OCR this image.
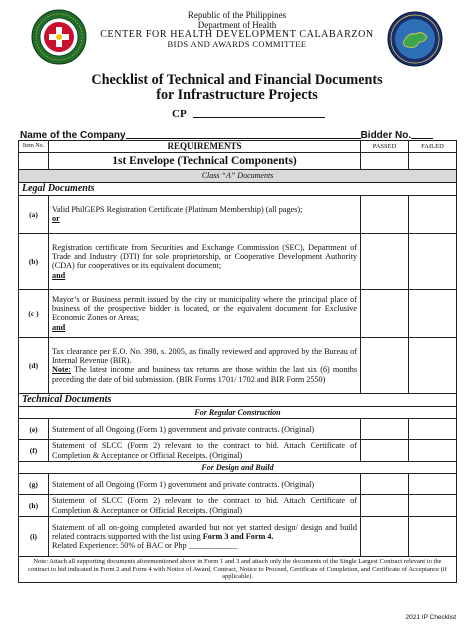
Republic of the Philippines
Department of Health
CENTER FOR HEALTH DEVELOPMENT CALABARZON
BIDS AND AWARDS COMMITTEE
Checklist of Technical and Financial Documents
for Infrastructure Projects
CP
Name of the Company	Bidder No.
Item No.	REQUIREMENTS	PASSED	FAILED
	1st Envelope (Technical Components)		
Class “A” Documents			
Legal Documents			
(a)	Valid PhilGEPS Registration Certificate (Platinum Membership) (all pages);
or		
(b)	Registration certificate from Securities and Exchange Commission (SEC), Department of Trade and Industry (DTI) for sole proprietorship, or Cooperative Development Authority (CDA) for cooperatives or its equivalent document;
and		
(c )	Mayor’s or Business permit issued by the city or municipality where the principal place of business of the prospective bidder is located, or the equivalent document for Exclusive Economic Zones or Areas;
and		
(d)	Tax clearance per E.O. No. 398, s. 2005, as finally reviewed and approved by the Bureau of Internal Revenue (BIR).
Note: The latest income and business tax returns are those within the last six (6) months preceding the date of bid submission. (BIR Forms 1701/ 1702 and BIR Form 2550)		
Technical Documents			
For Regular Construction			
(e)	Statement of all Ongoing (Form 1) government and private contracts. (Original)		
(f)	Statement of SLCC (Form 2) relevant to the contract to bid. Attach Certificate of Completion & Acceptance or Official Receipts. (Original)		
For Design and Build			
(g)	Statement of all Ongoing (Form 1) government and private contracts. (Original)		
(h)	Statement of SLCC (Form 2) relevant to the contract to bid. Attach Certificate of Completion & Acceptance or Official Receipts. (Original)		
(i)	Statement of all on-going completed awarded but not yet started design/ design and build related contracts supported with the list using Form 3 and Form 4.
Related Experience: 50% of BAC or Php ____________		
Note: Attach all supporting documents aforementioned above in Form 1 and 3 and attach only the documents of the Single Largest Contract relevant to the contract to bid indicated in Form 2 and Form 4 with Notice of Award, Contract, Notice to Proceed, Certificate of Completion, and Certificate of Acceptance (if applicable).			
2021 IP Checklist
